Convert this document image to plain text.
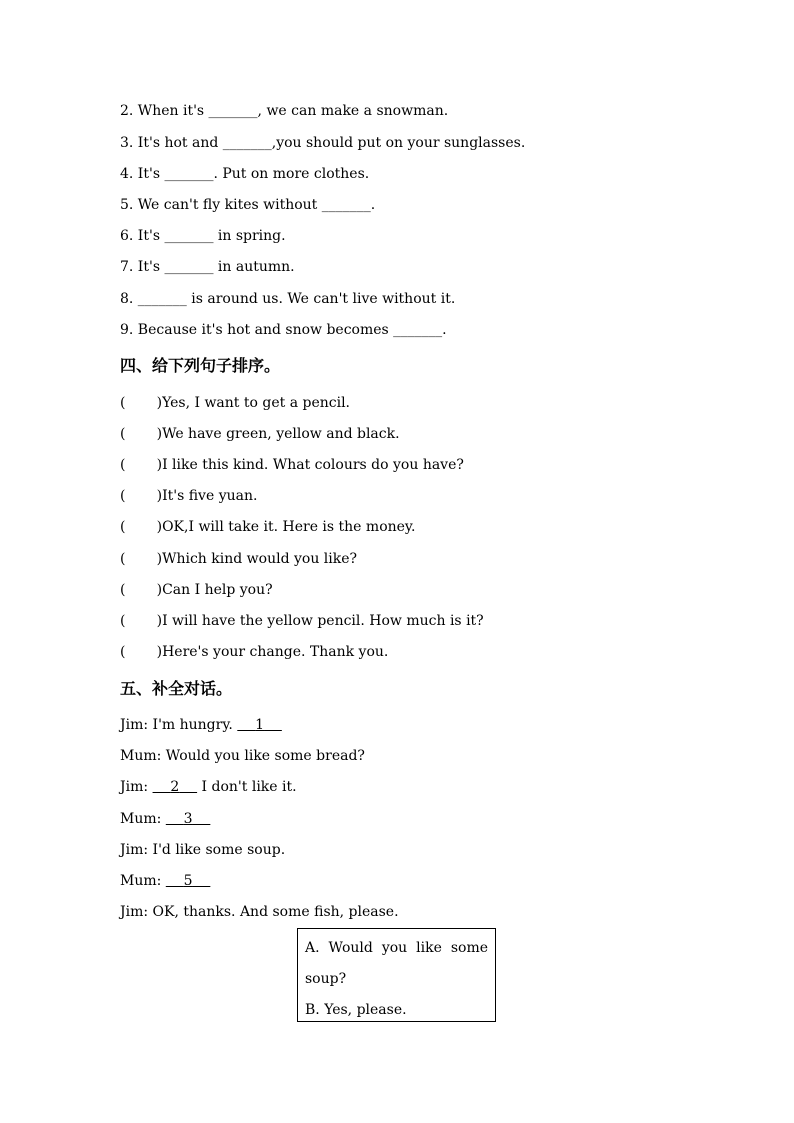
2. When it's _______, we can make a snowman.
3. It's hot and _______,you should put on your sunglasses.
4. It's _______. Put on more clothes.
5. We can't fly kites without _______.
6. It's _______ in spring.
7. It's _______ in autumn.
8. _______ is around us. We can't live without it.
9. Because it's hot and snow becomes _______.
四、给下列句子排序。
(       )Yes, I want to get a pencil.
(       )We have green, yellow and black.
(       )I like this kind. What colours do you have?
(       )It's five yuan.
(       )OK,I will take it. Here is the money.
(       )Which kind would you like?
(       )Can I help you?
(       )I will have the yellow pencil. How much is it?
(       )Here's your change. Thank you.
五、补全对话。
Jim: I'm hungry.     1
Mum: Would you like some bread?
Jim:     2     I don't like it.
Mum:     3
Jim: I'd like some soup.
Mum:     5
Jim: OK, thanks. And some fish, please.
A. Would you like some
soup?
B. Yes, please.
